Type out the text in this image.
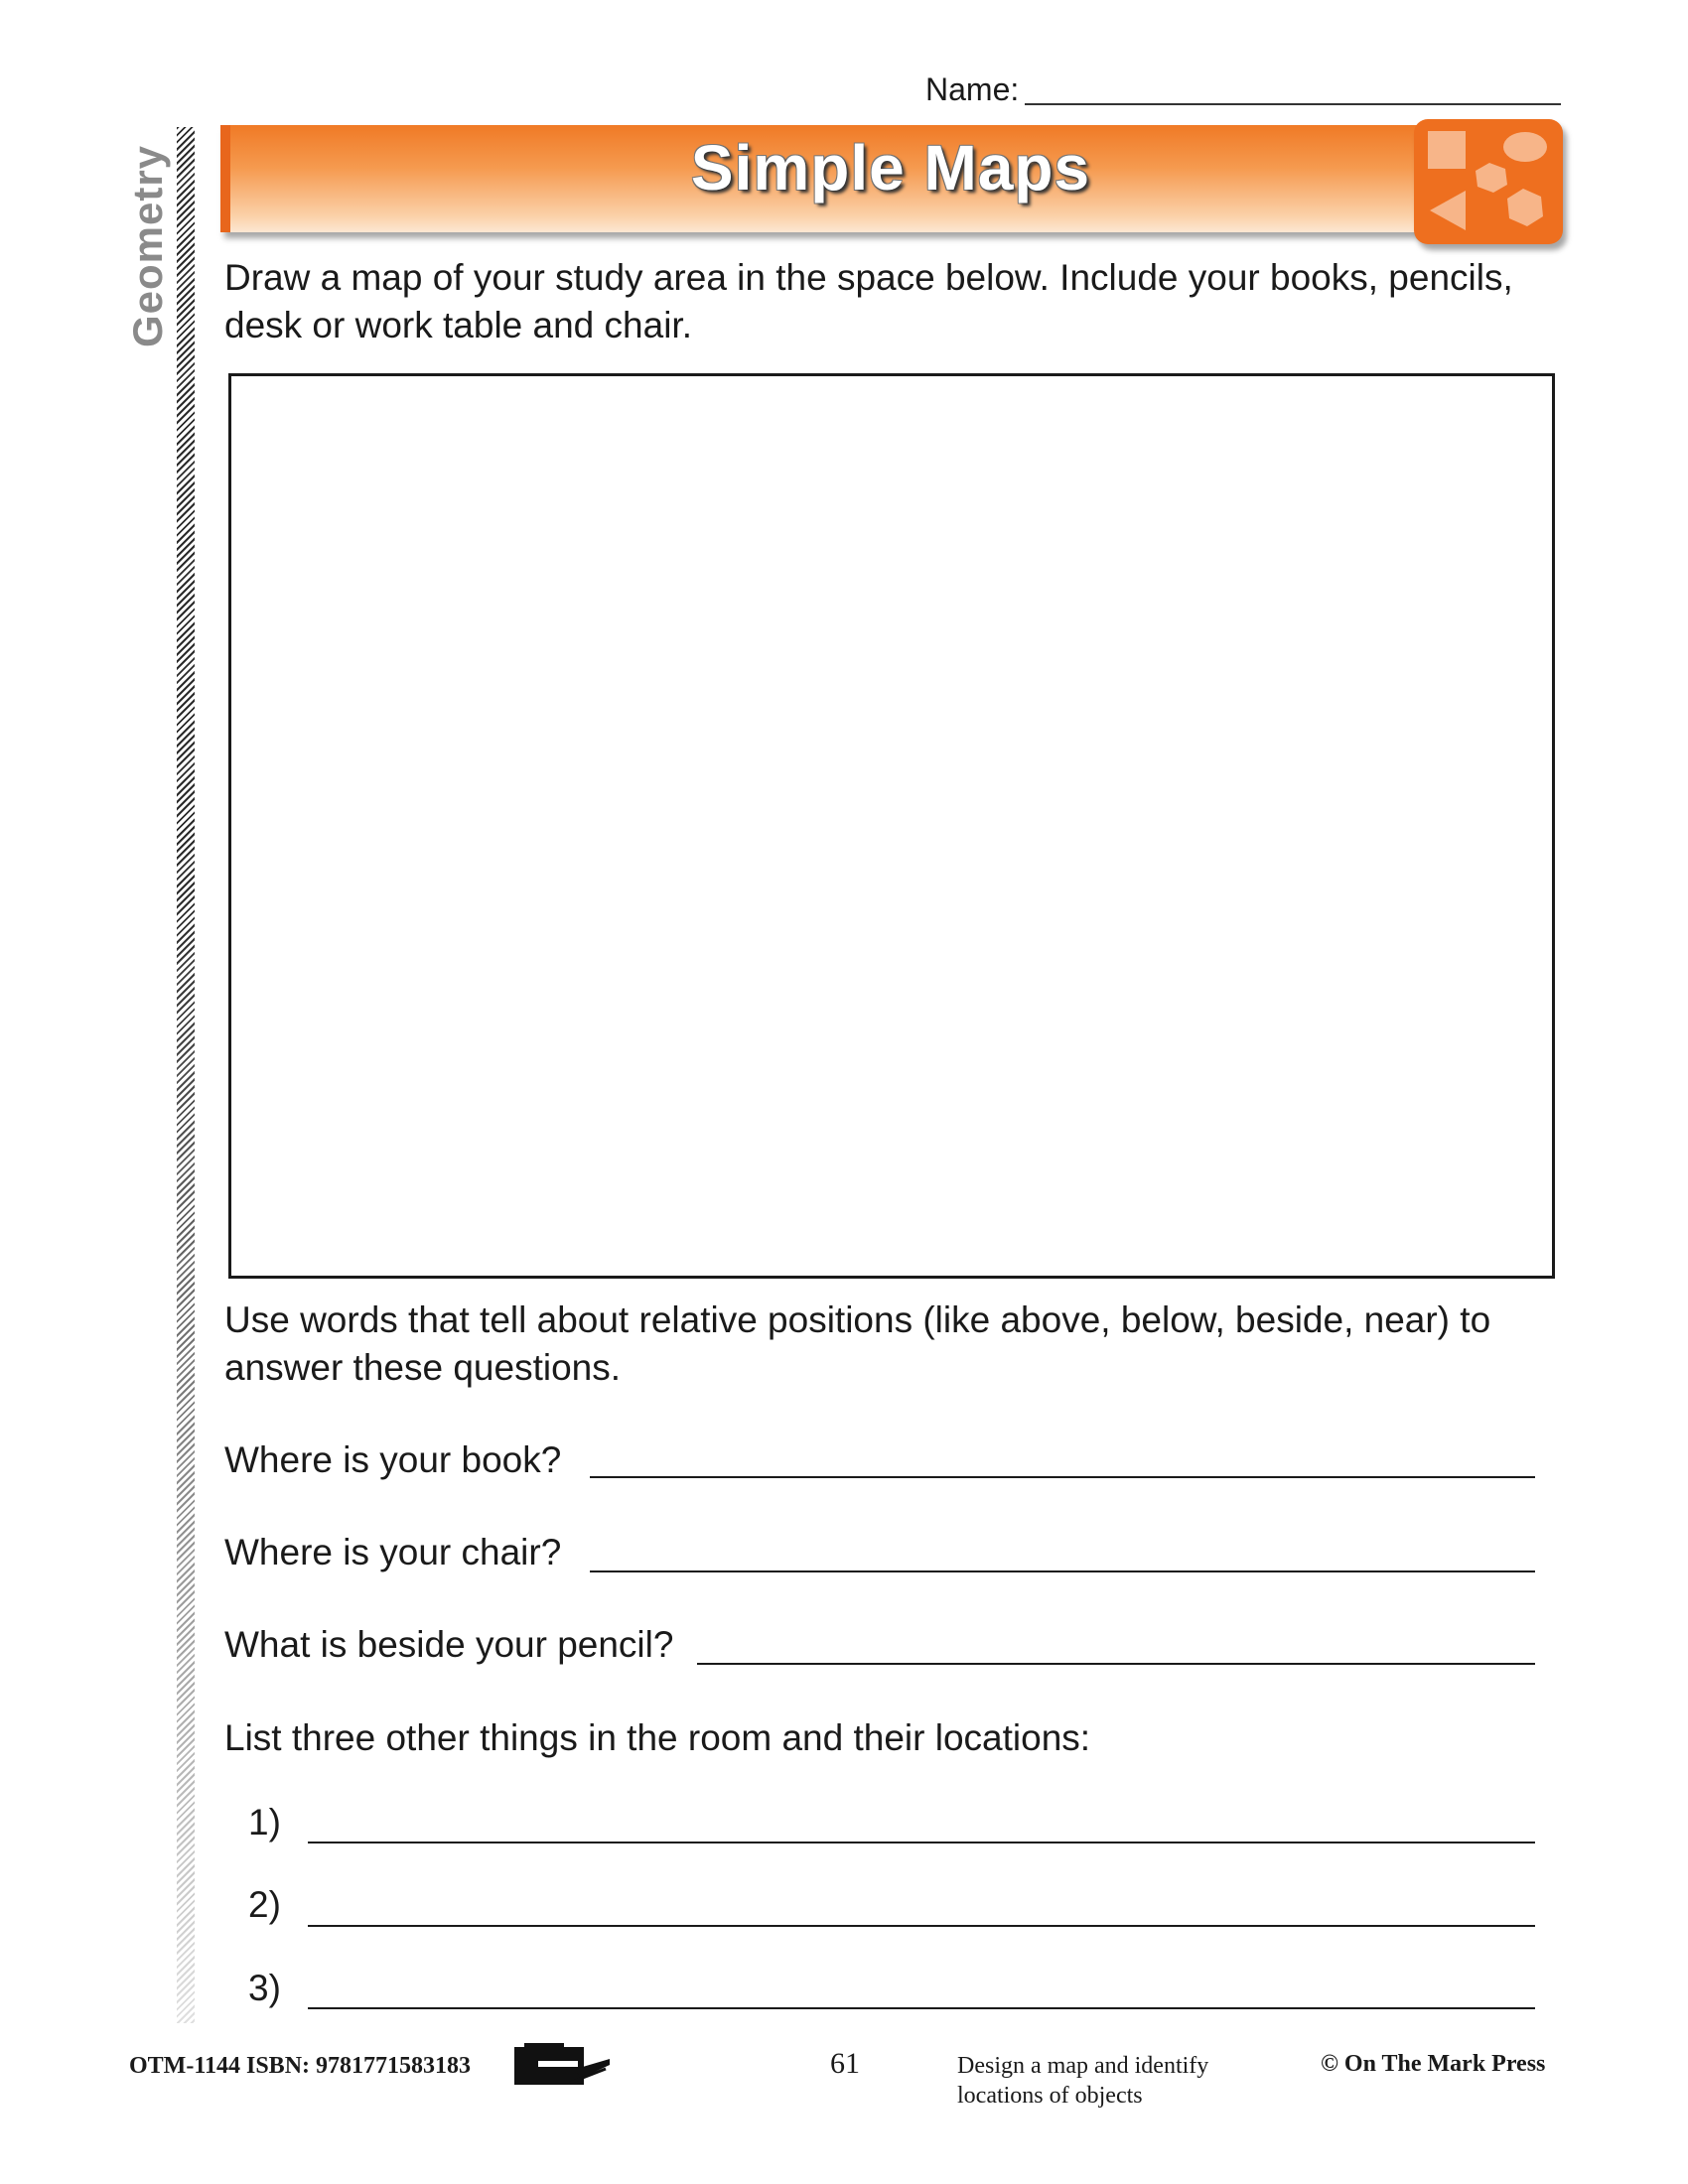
Name:
Geometry	Simple Maps
Draw a map of your study area in the space below. Include your books, pencils, desk or work table and chair.
Use words that tell about relative positions (like above, below, beside, near) to answer these questions.
Where is your book?
Where is your chair?
What is beside your pencil?
List three other things in the room and their locations:
1)
2)
3)
OTM-1144 ISBN: 9781771583183	61	Design a map and identify locations of objects
© On The Mark Press
